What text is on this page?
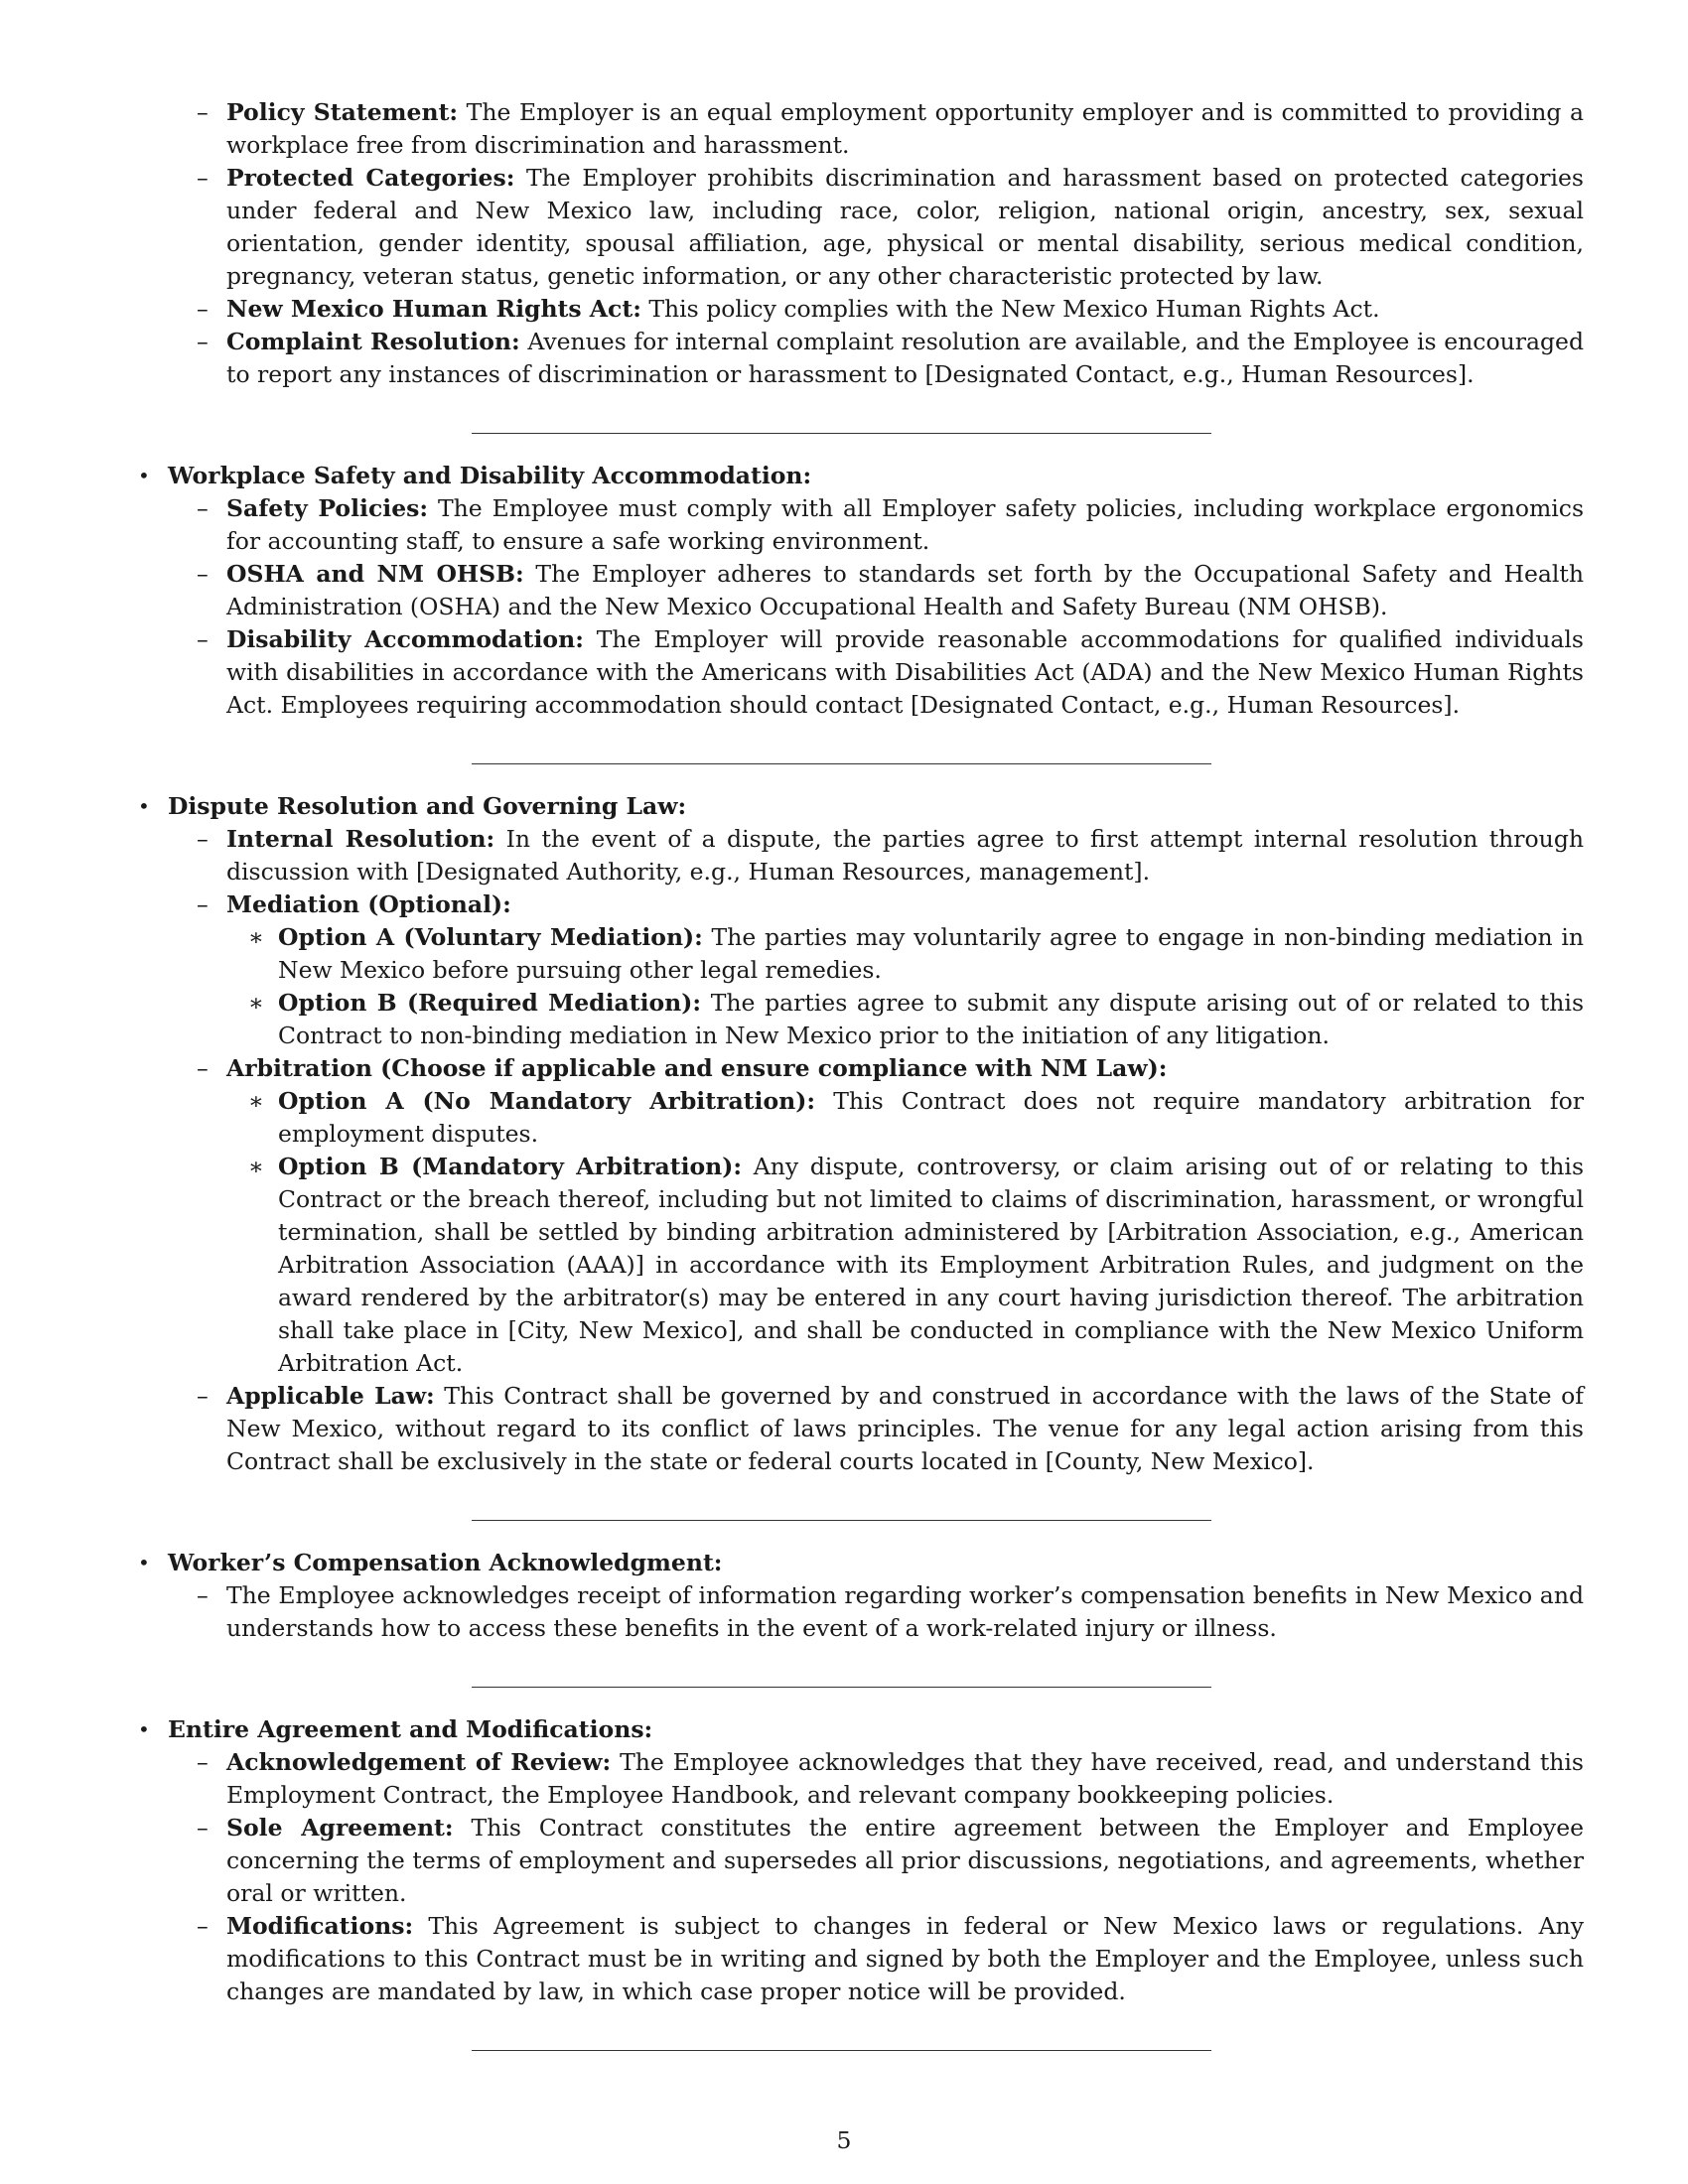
– Policy Statement: The Employer is an equal employment opportunity employer and is committed to providing a workplace free from discrimination and harassment.
– Protected Categories: The Employer prohibits discrimination and harassment based on protected categories under federal and New Mexico law, including race, color, religion, national origin, ancestry, sex, sexual orientation, gender identity, spousal affiliation, age, physical or mental disability, serious medical condition, pregnancy, veteran status, genetic information, or any other characteristic protected by law.
– New Mexico Human Rights Act: This policy complies with the New Mexico Human Rights Act.
– Complaint Resolution: Avenues for internal complaint resolution are available, and the Employee is encouraged to report any instances of discrimination or harassment to [Designated Contact, e.g., Human Resources].
• Workplace Safety and Disability Accommodation:
– Safety Policies: The Employee must comply with all Employer safety policies, including workplace ergonomics for accounting staff, to ensure a safe working environment.
– OSHA and NM OHSB: The Employer adheres to standards set forth by the Occupational Safety and Health Administration (OSHA) and the New Mexico Occupational Health and Safety Bureau (NM OHSB).
– Disability Accommodation: The Employer will provide reasonable accommodations for qualified individuals with disabilities in accordance with the Americans with Disabilities Act (ADA) and the New Mexico Human Rights Act. Employees requiring accommodation should contact [Designated Contact, e.g., Human Resources].
• Dispute Resolution and Governing Law:
– Internal Resolution: In the event of a dispute, the parties agree to first attempt internal resolution through discussion with [Designated Authority, e.g., Human Resources, management].
– Mediation (Optional):
∗ Option A (Voluntary Mediation): The parties may voluntarily agree to engage in non-binding mediation in New Mexico before pursuing other legal remedies.
∗ Option B (Required Mediation): The parties agree to submit any dispute arising out of or related to this Contract to non-binding mediation in New Mexico prior to the initiation of any litigation.
– Arbitration (Choose if applicable and ensure compliance with NM Law):
∗ Option A (No Mandatory Arbitration): This Contract does not require mandatory arbitration for employment disputes.
∗ Option B (Mandatory Arbitration): Any dispute, controversy, or claim arising out of or relating to this Contract or the breach thereof, including but not limited to claims of discrimination, harassment, or wrongful termination, shall be settled by binding arbitration administered by [Arbitration Association, e.g., American Arbitration Association (AAA)] in accordance with its Employment Arbitration Rules, and judgment on the award rendered by the arbitrator(s) may be entered in any court having jurisdiction thereof. The arbitration shall take place in [City, New Mexico], and shall be conducted in compliance with the New Mexico Uniform Arbitration Act.
– Applicable Law: This Contract shall be governed by and construed in accordance with the laws of the State of New Mexico, without regard to its conflict of laws principles. The venue for any legal action arising from this Contract shall be exclusively in the state or federal courts located in [County, New Mexico].
• Worker’s Compensation Acknowledgment:
– The Employee acknowledges receipt of information regarding worker’s compensation benefits in New Mexico and understands how to access these benefits in the event of a work-related injury or illness.
• Entire Agreement and Modifications:
– Acknowledgement of Review: The Employee acknowledges that they have received, read, and understand this Employment Contract, the Employee Handbook, and relevant company bookkeeping policies.
– Sole Agreement: This Contract constitutes the entire agreement between the Employer and Employee concerning the terms of employment and supersedes all prior discussions, negotiations, and agreements, whether oral or written.
– Modifications: This Agreement is subject to changes in federal or New Mexico laws or regulations. Any modifications to this Contract must be in writing and signed by both the Employer and the Employee, unless such changes are mandated by law, in which case proper notice will be provided.
5
